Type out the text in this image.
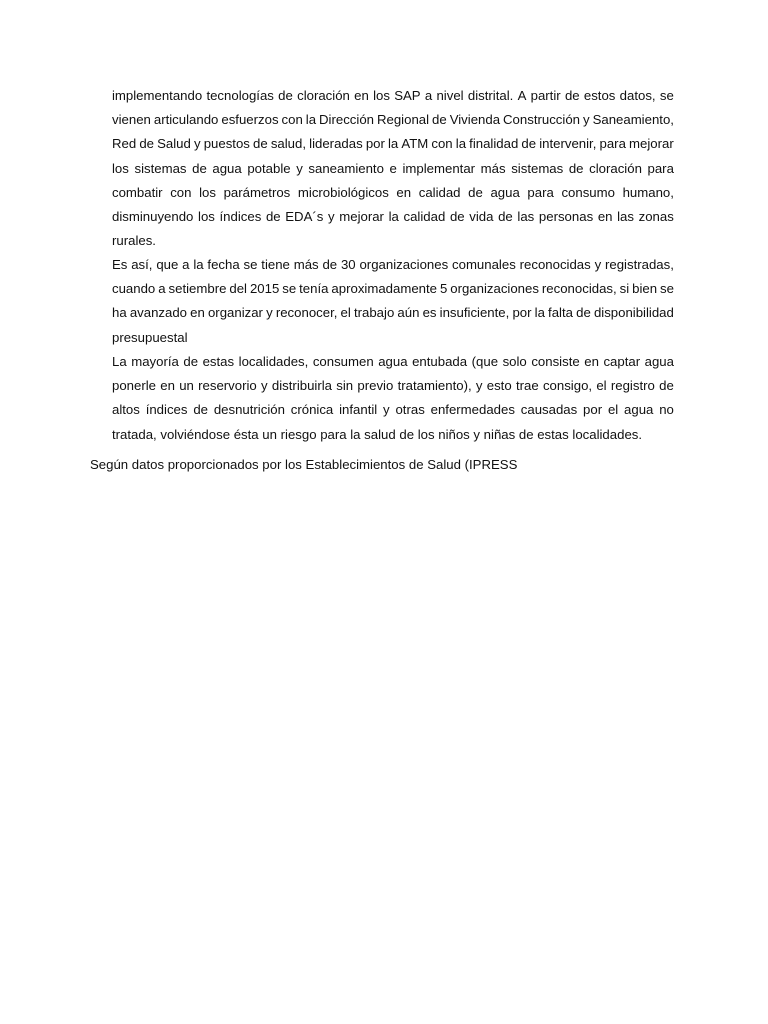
implementando tecnologías de cloración en los SAP a nivel distrital. A partir de estos datos, se
vienen articulando esfuerzos con la Dirección Regional de Vivienda Construcción y Saneamiento,
Red de Salud y puestos de salud, lideradas por la ATM con la finalidad de intervenir, para mejorar
los sistemas de agua potable y saneamiento e implementar más sistemas de cloración para
combatir con los parámetros microbiológicos en calidad de agua para consumo humano,
disminuyendo los índices de EDA´s y mejorar la calidad de vida de las personas en las zonas
rurales.
Es así, que a la fecha se tiene más de 30 organizaciones comunales reconocidas y registradas,
cuando a setiembre del 2015 se tenía aproximadamente 5 organizaciones reconocidas, si bien se
ha avanzado en organizar y reconocer, el trabajo aún es insuficiente, por la falta de disponibilidad
presupuestal
La mayoría de estas localidades, consumen agua entubada (que solo consiste en captar agua
ponerle en un reservorio y distribuirla sin previo tratamiento), y esto trae consigo, el registro de
altos índices de desnutrición crónica infantil y otras enfermedades causadas por el agua no
tratada, volviéndose ésta un riesgo para la salud de los niños y niñas de estas localidades.
Según datos proporcionados por los Establecimientos de Salud (IPRESS
